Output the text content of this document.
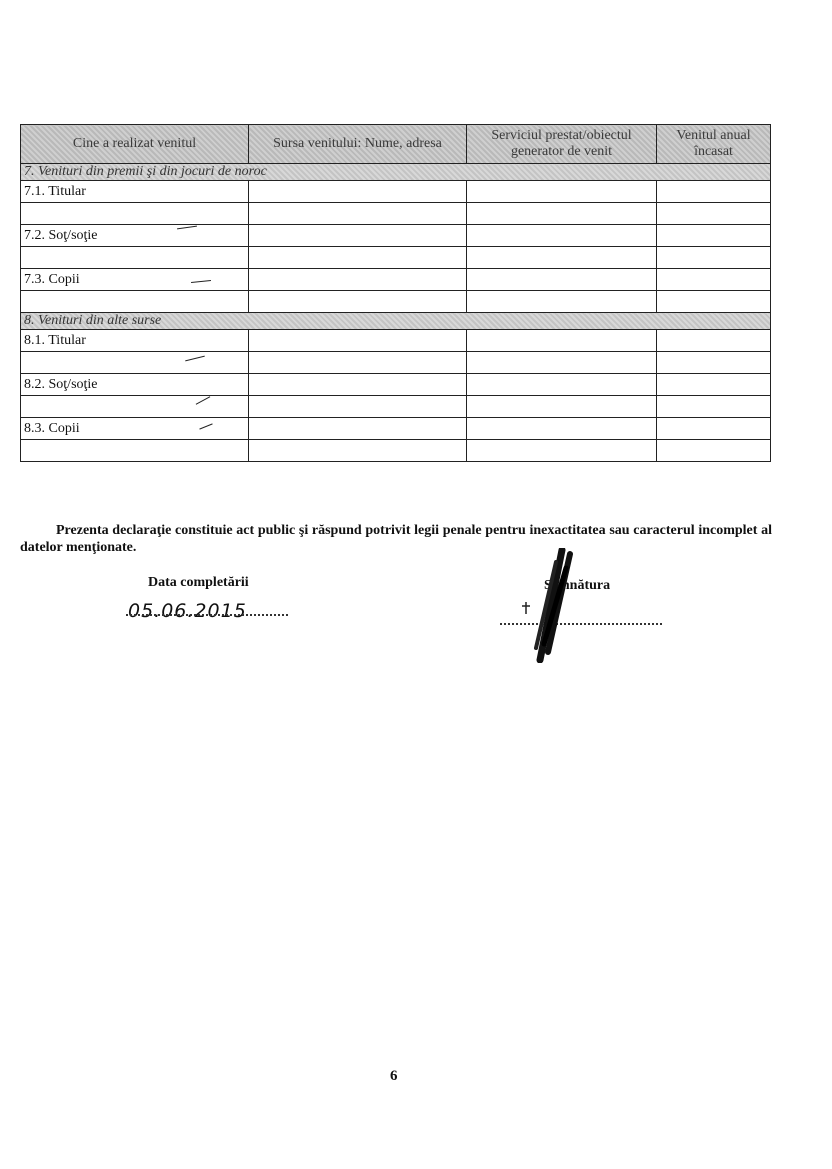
Cine a realizat venitul	Sursa venitului: Nume, adresa	Serviciul prestat/obiectul generator de venit	Venitul anual încasat
7. Venituri din premii şi din jocuri de noroc			
7.1. Titular			

7.2. Soţ/soţie

7.3. Copii

8. Venituri din alte surse			
8.1. Titular			

8.2. Soţ/soţie			

8.3. Copii

Prezenta declaraţie constituie act public şi răspund potrivit legii penale pentru inexactitatea sau caracterul incomplet al datelor menţionate.
Data completării
05.06.2015
Semnătura
6
